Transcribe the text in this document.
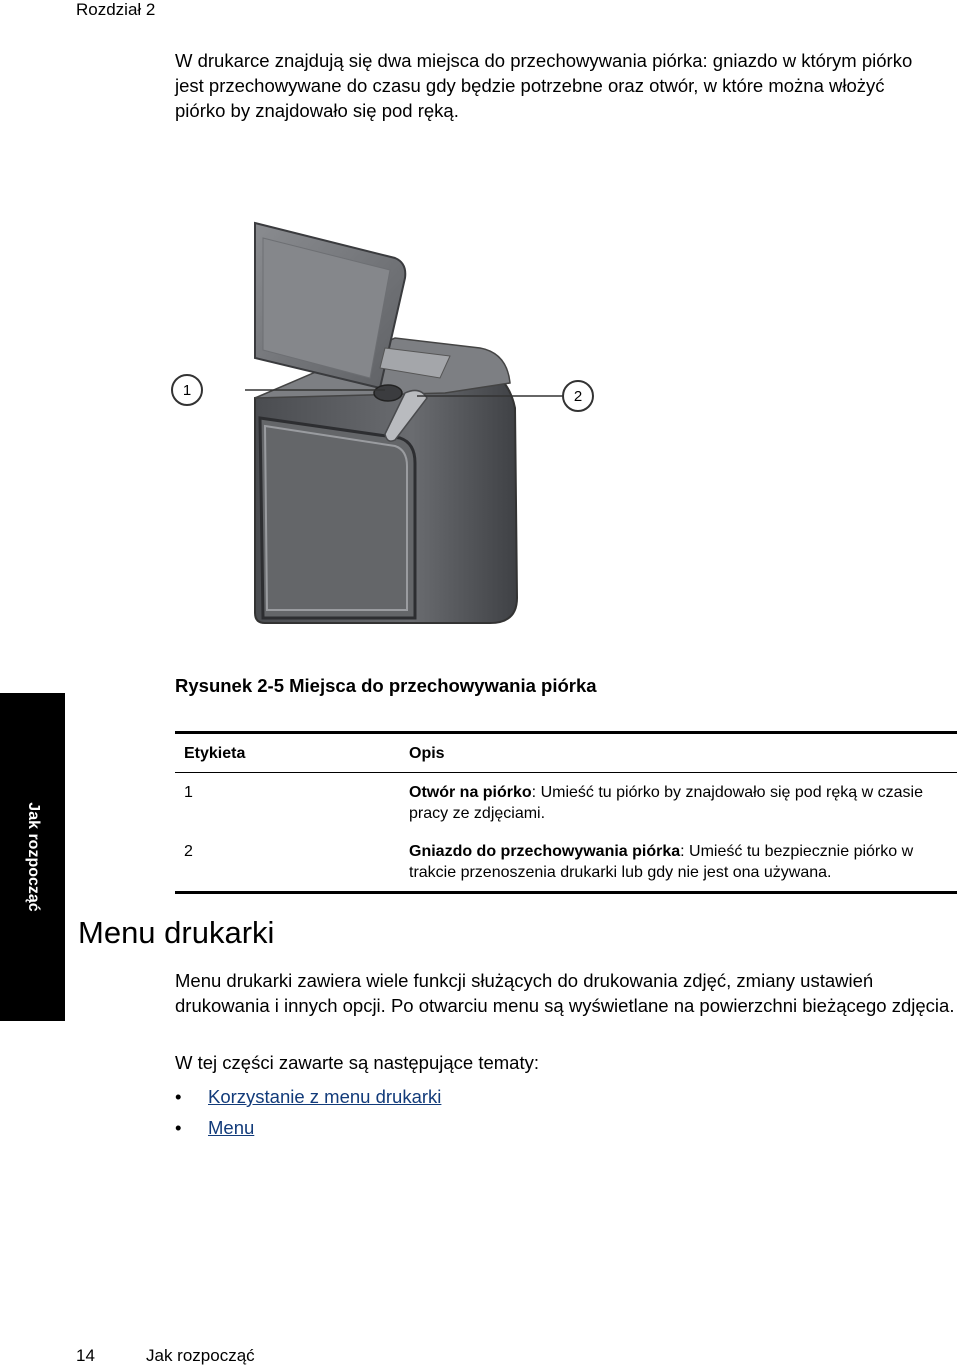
Rozdział 2
W drukarce znajdują się dwa miejsca do przechowywania piórka: gniazdo w którym piórko jest przechowywane do czasu gdy będzie potrzebne oraz otwór, w które można włożyć piórko by znajdowało się pod ręką.
1	2
Rysunek 2-5 Miejsca do przechowywania piórka
Jak rozpocząć
Etykieta	Opis
1	Otwór na piórko: Umieść tu piórko by znajdowało się pod ręką w czasie pracy ze zdjęciami.
2	Gniazdo do przechowywania piórka: Umieść tu bezpiecznie piórko w trakcie przenoszenia drukarki lub gdy nie jest ona używana.
Menu drukarki
Menu drukarki zawiera wiele funkcji służących do drukowania zdjęć, zmiany ustawień drukowania i innych opcji. Po otwarciu menu są wyświetlane na powierzchni bieżącego zdjęcia.
W tej części zawarte są następujące tematy:
• Korzystanie z menu drukarki
• Menu
14	Jak rozpocząć
